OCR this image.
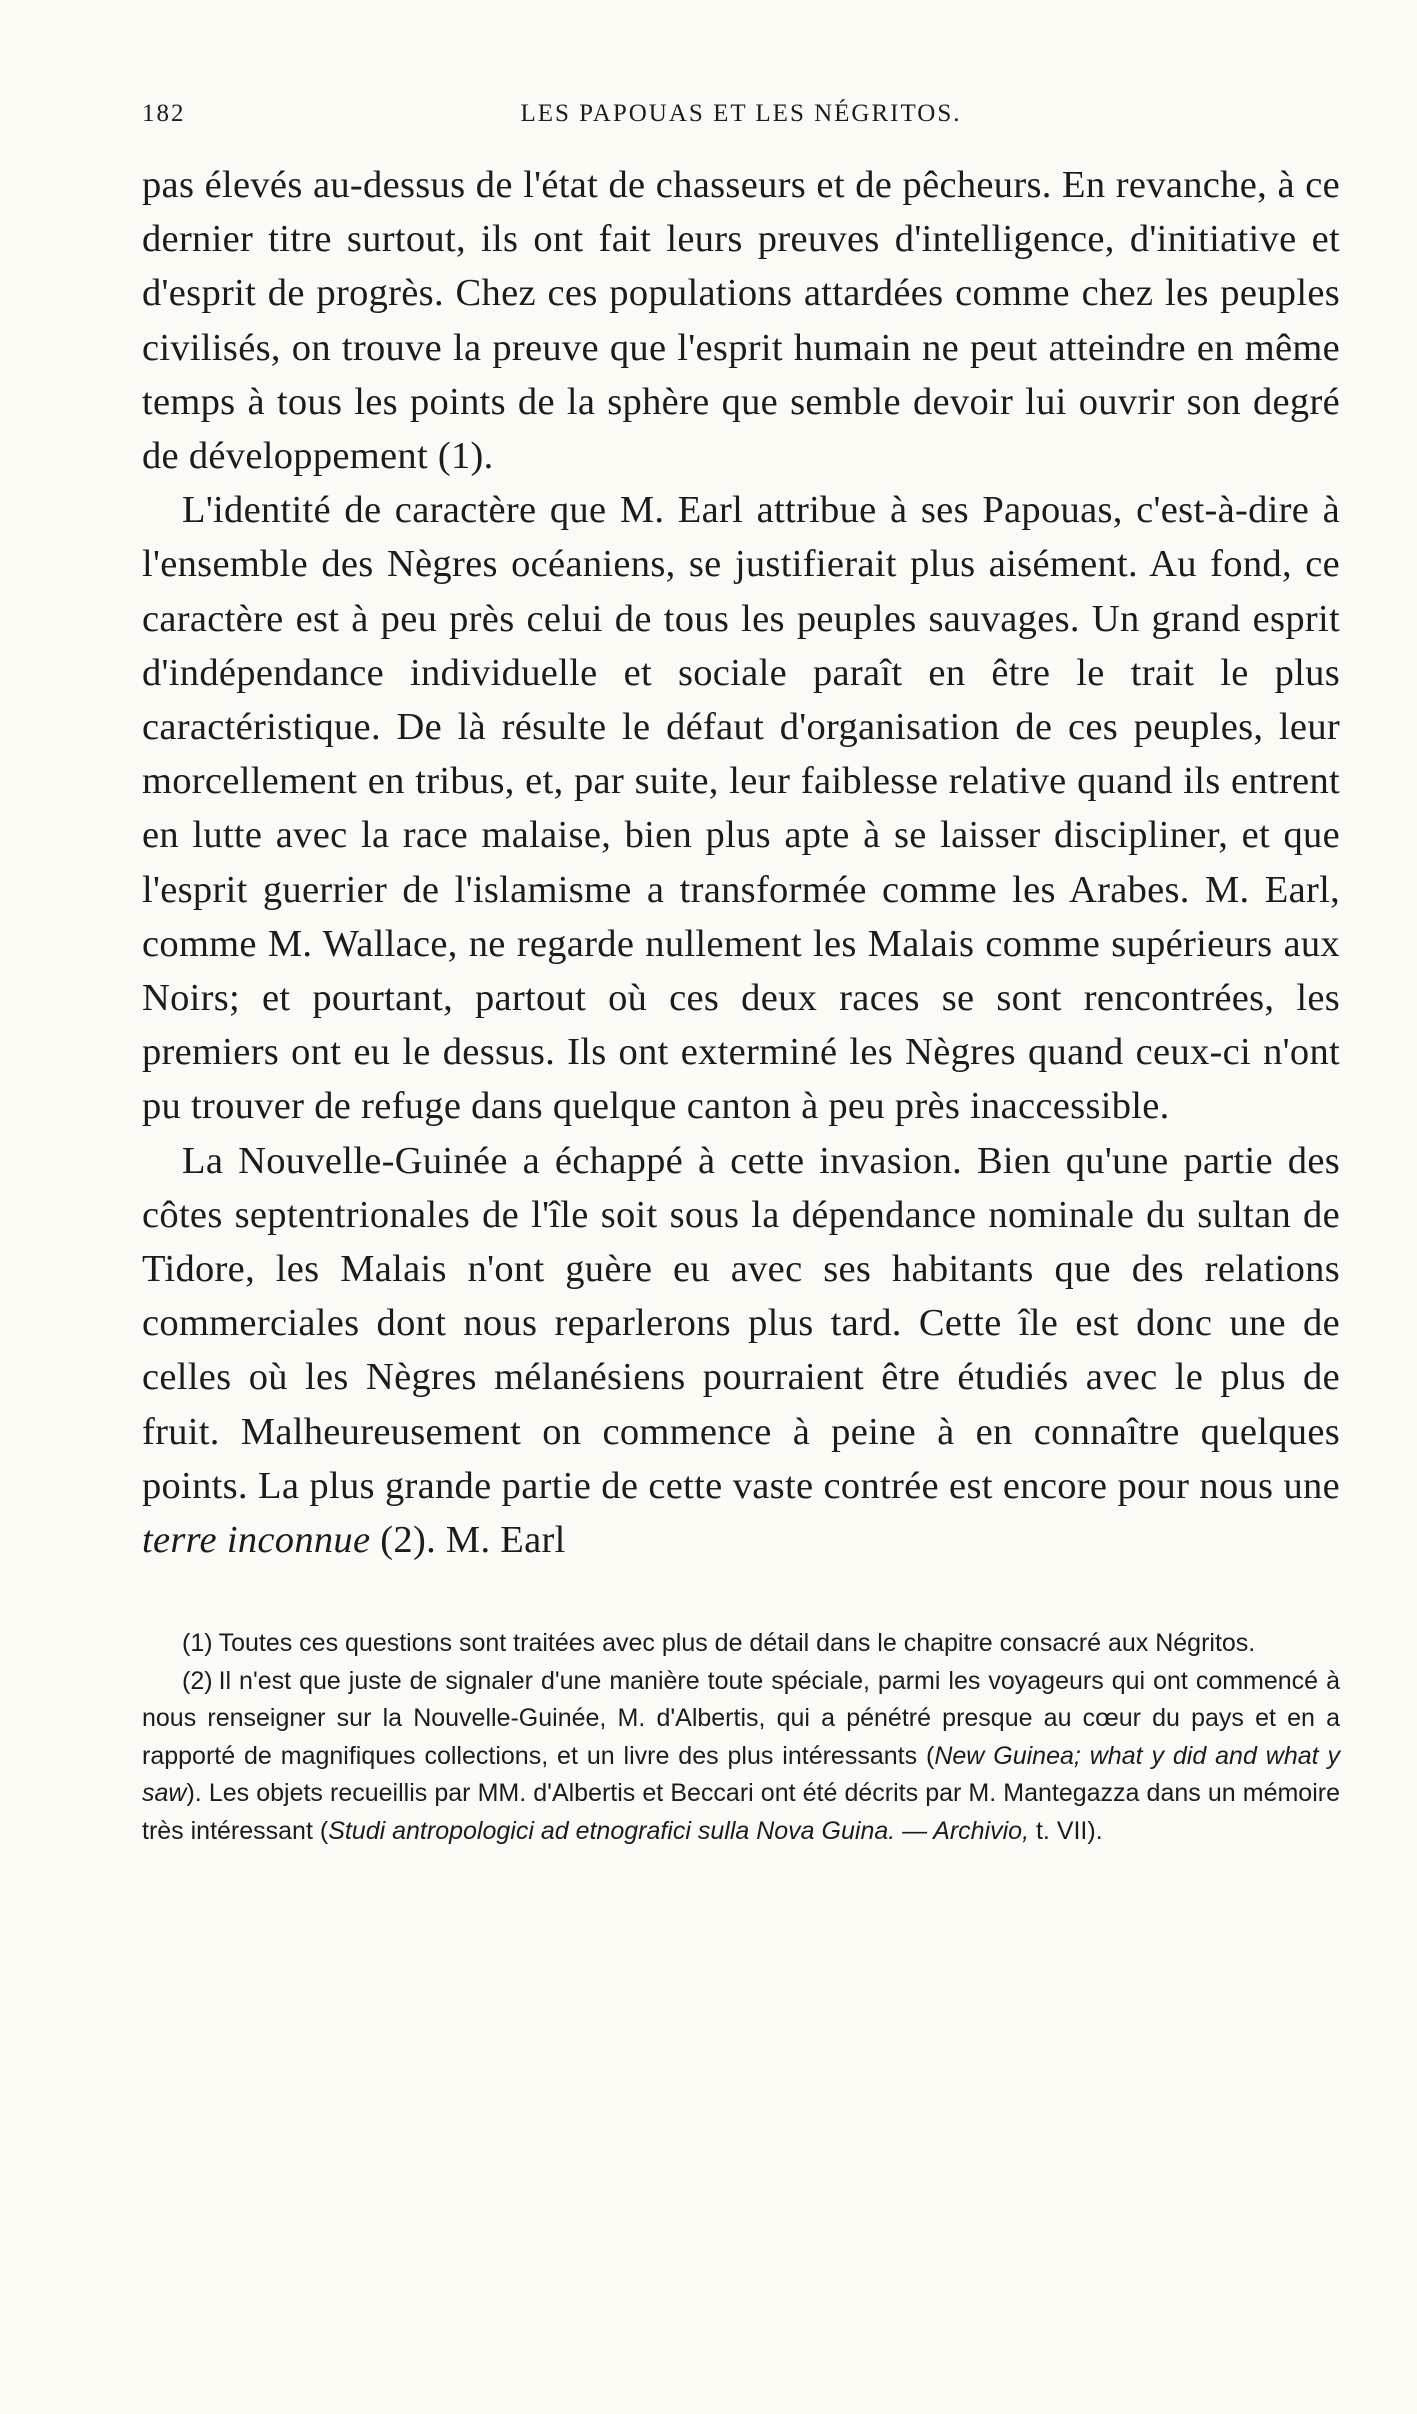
182	LES PAPOUAS ET LES NÉGRITOS.

pas élevés au-dessus de l'état de chasseurs et de pêcheurs. En revanche, à ce dernier titre surtout, ils ont fait leurs preuves d'intelligence, d'initiative et d'esprit de progrès. Chez ces populations attardées comme chez les peuples civilisés, on trouve la preuve que l'esprit humain ne peut atteindre en même temps à tous les points de la sphère que semble devoir lui ouvrir son degré de développement (1).

L'identité de caractère que M. Earl attribue à ses Papouas, c'est-à-dire à l'ensemble des Nègres océaniens, se justifierait plus aisément. Au fond, ce caractère est à peu près celui de tous les peuples sauvages. Un grand esprit d'indépendance individuelle et sociale paraît en être le trait le plus caractéristique. De là résulte le défaut d'organisation de ces peuples, leur morcellement en tribus, et, par suite, leur faiblesse relative quand ils entrent en lutte avec la race malaise, bien plus apte à se laisser discipliner, et que l'esprit guerrier de l'islamisme a transformée comme les Arabes. M. Earl, comme M. Wallace, ne regarde nullement les Malais comme supérieurs aux Noirs; et pourtant, partout où ces deux races se sont rencontrées, les premiers ont eu le dessus. Ils ont exterminé les Nègres quand ceux-ci n'ont pu trouver de refuge dans quelque canton à peu près inaccessible.

La Nouvelle-Guinée a échappé à cette invasion. Bien qu'une partie des côtes septentrionales de l'île soit sous la dépendance nominale du sultan de Tidore, les Malais n'ont guère eu avec ses habitants que des relations commerciales dont nous reparlerons plus tard. Cette île est donc une de celles où les Nègres mélanésiens pourraient être étudiés avec le plus de fruit. Malheureusement on commence à peine à en connaître quelques points. La plus grande partie de cette vaste contrée est encore pour nous une terre inconnue (2). M. Earl

(1) Toutes ces questions sont traitées avec plus de détail dans le chapitre consacré aux Négritos.

(2) Il n'est que juste de signaler d'une manière toute spéciale, parmi les voyageurs qui ont commencé à nous renseigner sur la Nouvelle-Guinée, M. d'Albertis, qui a pénétré presque au cœur du pays et en a rapporté de magnifiques collections, et un livre des plus intéressants (New Guinea; what y did and what y saw). Les objets recueillis par MM. d'Albertis et Beccari ont été décrits par M. Mantegazza dans un mémoire très intéressant (Studi antropologici ad etnografici sulla Nova Guina. — Archivio, t. VII).
